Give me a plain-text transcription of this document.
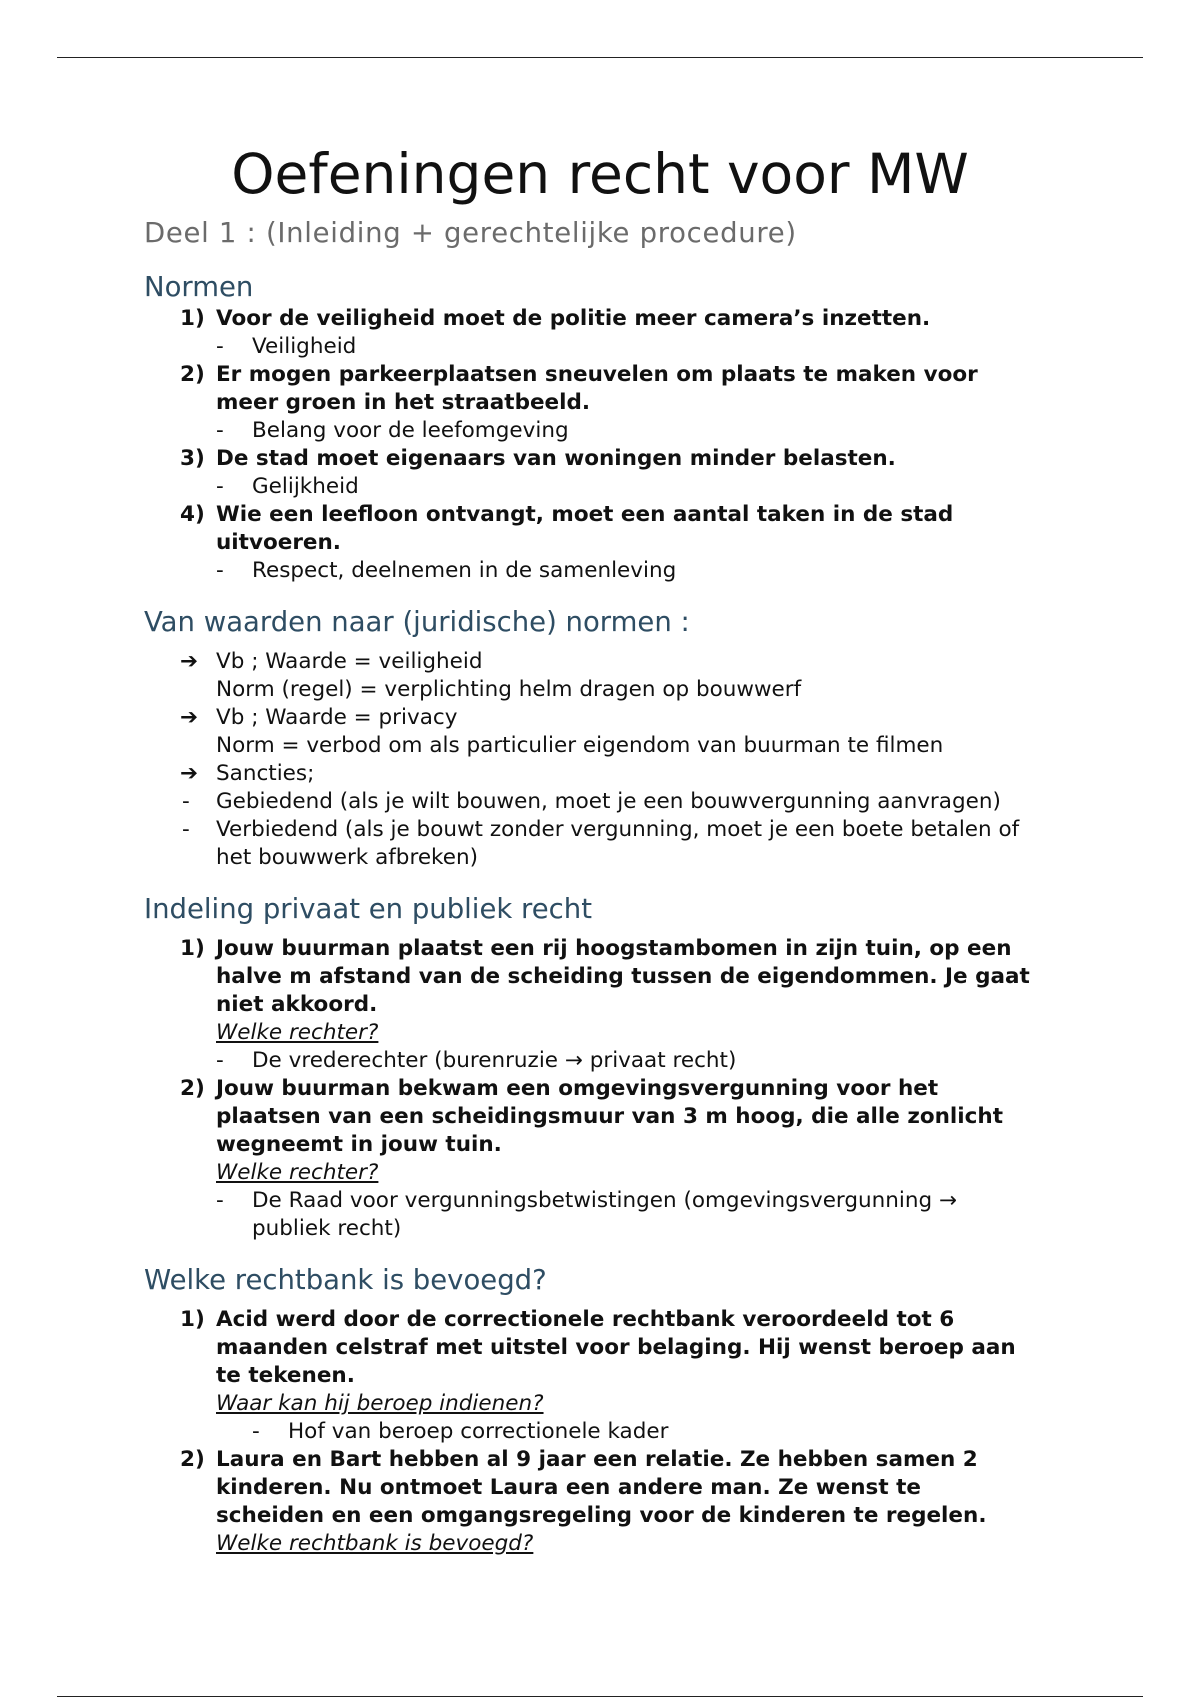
Oefeningen recht voor MW

Deel 1 : (Inleiding + gerechtelijke procedure)

Normen
1) Voor de veiligheid moet de politie meer camera’s inzetten.
- Veiligheid
2) Er mogen parkeerplaatsen sneuvelen om plaats te maken voor
meer groen in het straatbeeld.
- Belang voor de leefomgeving
3) De stad moet eigenaars van woningen minder belasten.
- Gelijkheid
4) Wie een leefloon ontvangt, moet een aantal taken in de stad
uitvoeren.
- Respect, deelnemen in de samenleving
Van waarden naar (juridische) normen :
➔ Vb ; Waarde = veiligheid
Norm (regel) = verplichting helm dragen op bouwwerf
➔ Vb ; Waarde = privacy
Norm = verbod om als particulier eigendom van buurman te filmen
➔ Sancties;
- Gebiedend (als je wilt bouwen, moet je een bouwvergunning aanvragen)
- Verbiedend (als je bouwt zonder vergunning, moet je een boete betalen of
het bouwwerk afbreken)
Indeling privaat en publiek recht
1) Jouw buurman plaatst een rij hoogstambomen in zijn tuin, op een
halve m afstand van de scheiding tussen de eigendommen. Je gaat
niet akkoord.
Welke rechter?
- De vrederechter (burenruzie → privaat recht)
2) Jouw buurman bekwam een omgevingsvergunning voor het
plaatsen van een scheidingsmuur van 3 m hoog, die alle zonlicht
wegneemt in jouw tuin.
Welke rechter?
- De Raad voor vergunningsbetwistingen (omgevingsvergunning →
publiek recht)
Welke rechtbank is bevoegd?
1) Acid werd door de correctionele rechtbank veroordeeld tot 6
maanden celstraf met uitstel voor belaging. Hij wenst beroep aan
te tekenen.
Waar kan hij beroep indienen?
- Hof van beroep correctionele kader
2) Laura en Bart hebben al 9 jaar een relatie. Ze hebben samen 2
kinderen. Nu ontmoet Laura een andere man. Ze wenst te
scheiden en een omgangsregeling voor de kinderen te regelen.
Welke rechtbank is bevoegd?
